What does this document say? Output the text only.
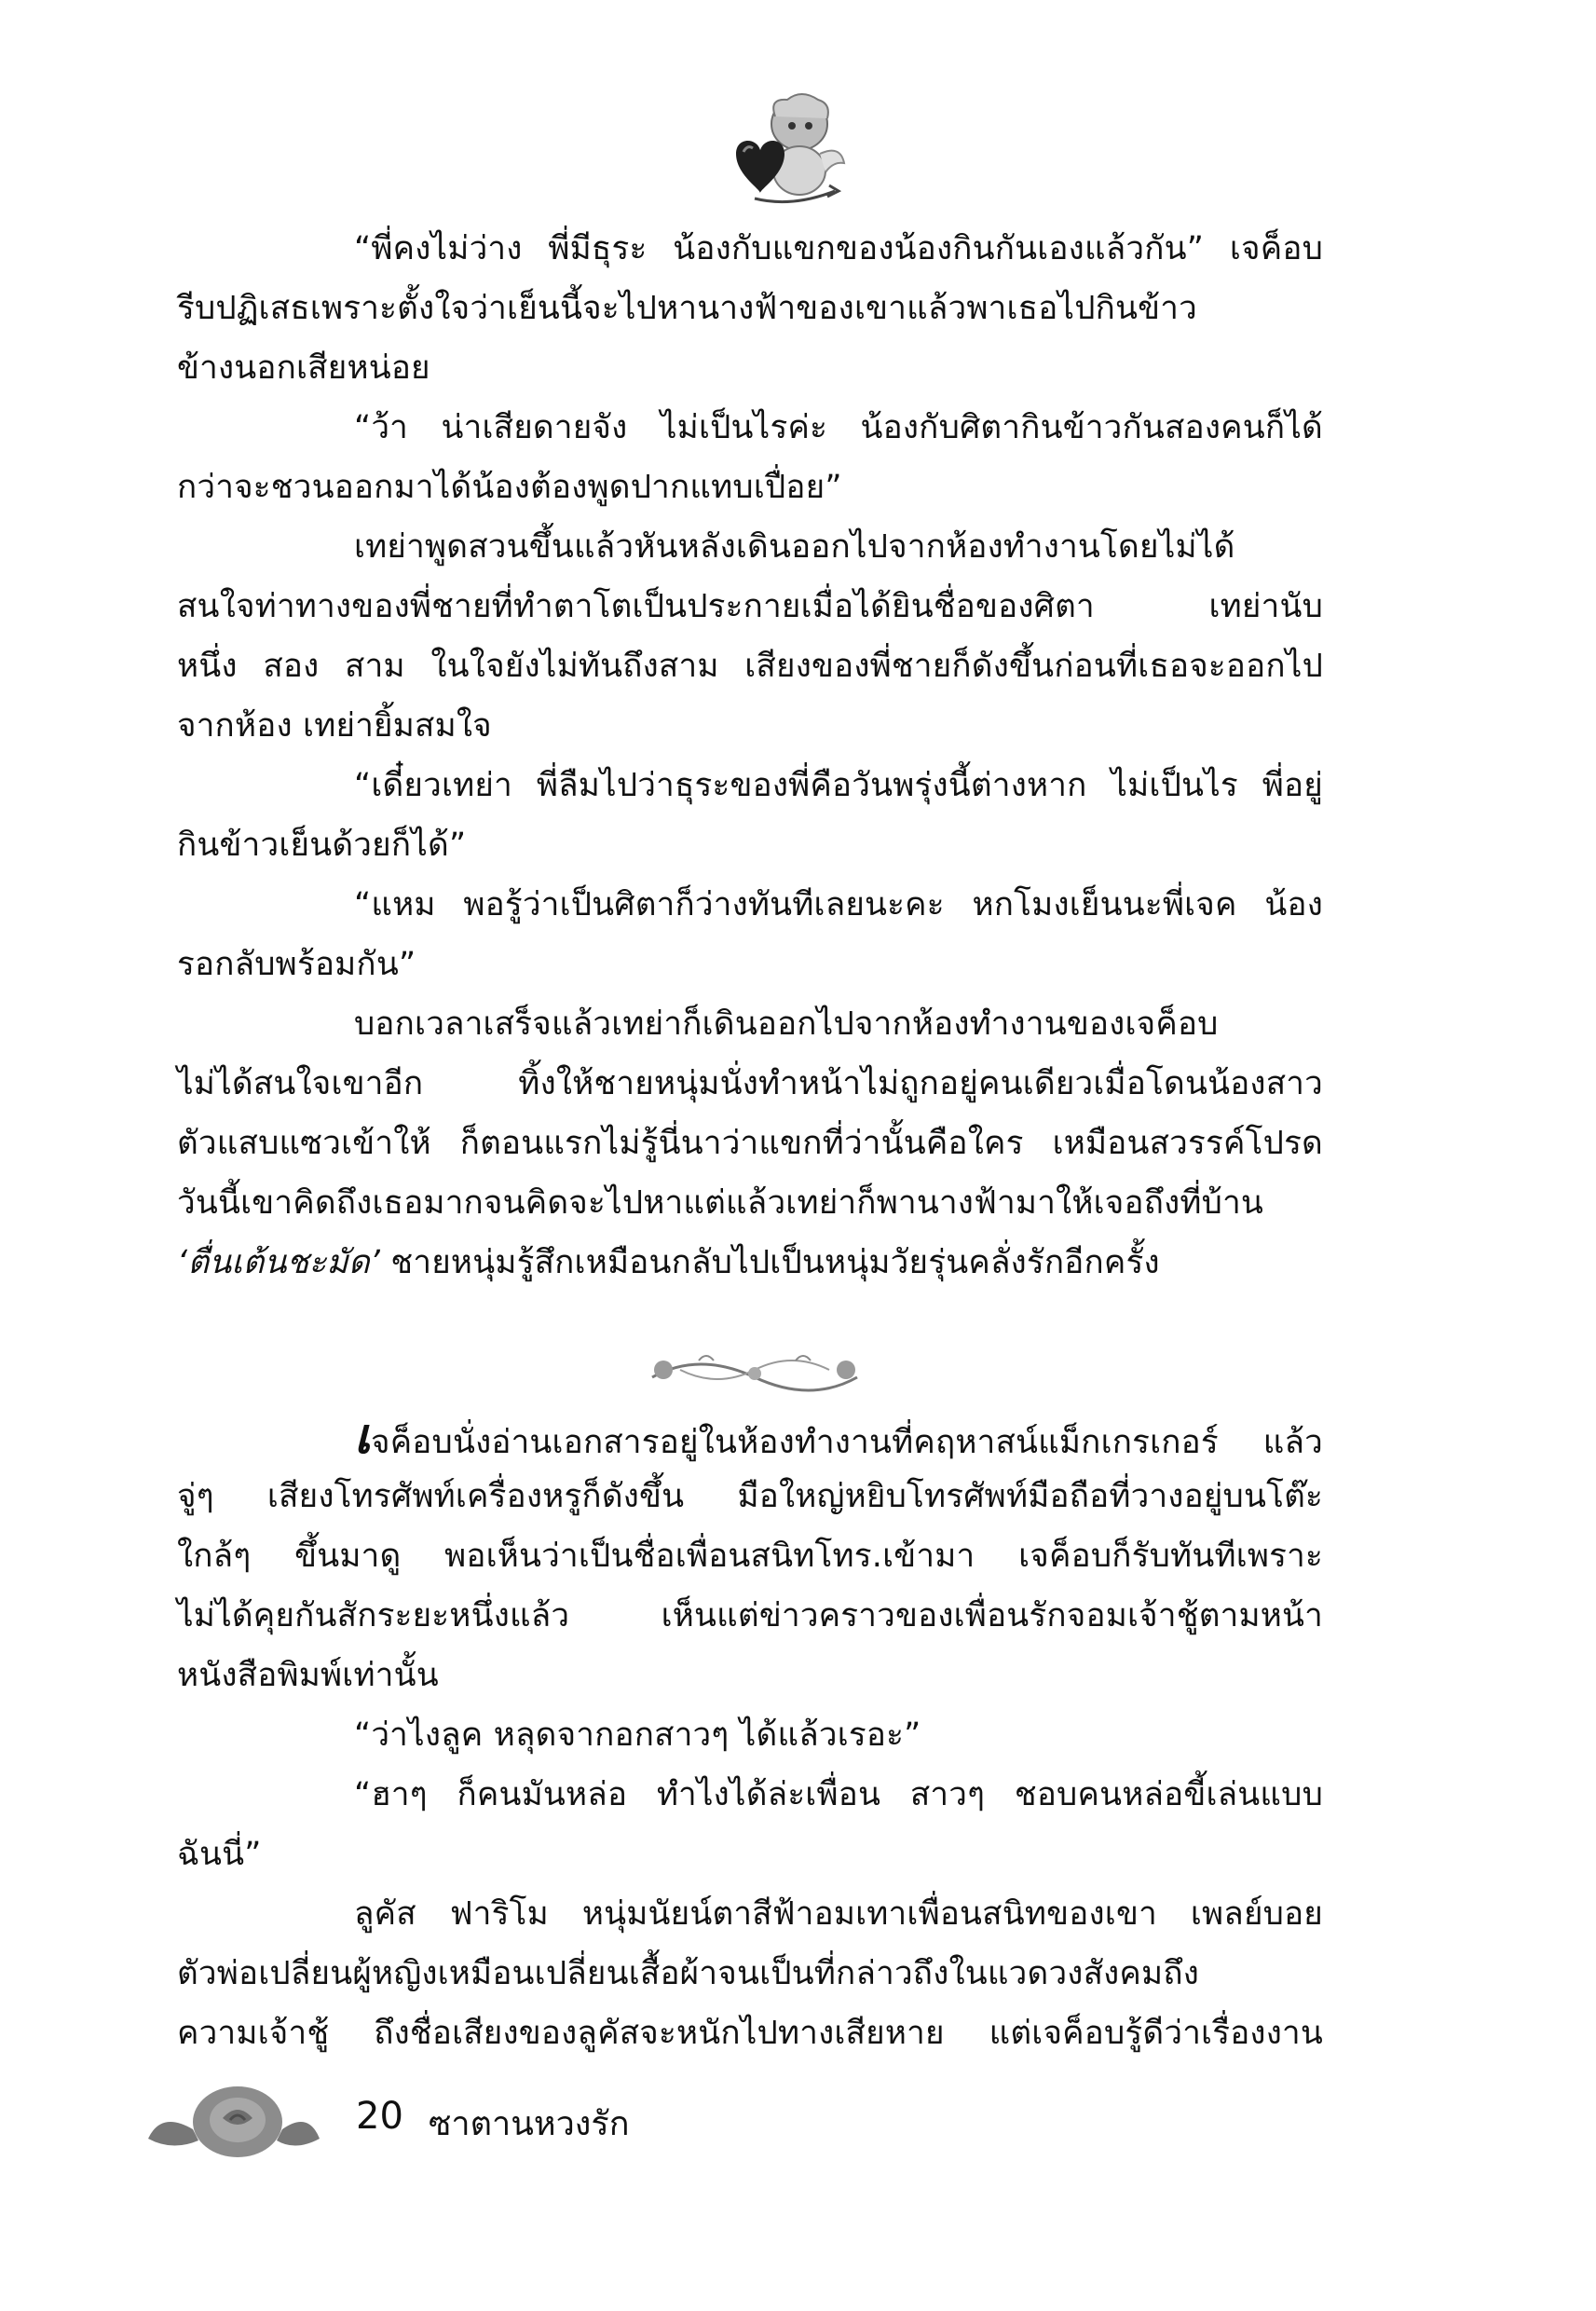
“พี่คงไม่ว่าง พี่มีธุระ น้องกับแขกของน้องกินกันเองแล้วกัน” เจค็อบ
รีบปฏิเสธเพราะตั้งใจว่าเย็นนี้จะไปหานางฟ้าของเขาแล้วพาเธอไปกินข้าว
ข้างนอกเสียหน่อย
“ว้า น่าเสียดายจัง ไม่เป็นไรค่ะ น้องกับศิตากินข้าวกันสองคนก็ได้
กว่าจะชวนออกมาได้น้องต้องพูดปากแทบเปื่อย”
เทย่าพูดสวนขึ้นแล้วหันหลังเดินออกไปจากห้องทำงานโดยไม่ได้
สนใจท่าทางของพี่ชายที่ทำตาโตเป็นประกายเมื่อได้ยินชื่อของศิตา เทย่านับ
หนึ่ง สอง สาม ในใจยังไม่ทันถึงสาม เสียงของพี่ชายก็ดังขึ้นก่อนที่เธอจะออกไป
จากห้อง เทย่ายิ้มสมใจ
“เดี๋ยวเทย่า พี่ลืมไปว่าธุระของพี่คือวันพรุ่งนี้ต่างหาก ไม่เป็นไร พี่อยู่
กินข้าวเย็นด้วยก็ได้”
“แหม พอรู้ว่าเป็นศิตาก็ว่างทันทีเลยนะคะ หกโมงเย็นนะพี่เจค น้อง
รอกลับพร้อมกัน”
บอกเวลาเสร็จแล้วเทย่าก็เดินออกไปจากห้องทำงานของเจค็อบ
ไม่ได้สนใจเขาอีก ทิ้งให้ชายหนุ่มนั่งทำหน้าไม่ถูกอยู่คนเดียวเมื่อโดนน้องสาว
ตัวแสบแซวเข้าให้ ก็ตอนแรกไม่รู้นี่นาว่าแขกที่ว่านั้นคือใคร เหมือนสวรรค์โปรด
วันนี้เขาคิดถึงเธอมากจนคิดจะไปหาแต่แล้วเทย่าก็พานางฟ้ามาให้เจอถึงที่บ้าน
‘ตื่นเต้นชะมัด’ ชายหนุ่มรู้สึกเหมือนกลับไปเป็นหนุ่มวัยรุ่นคลั่งรักอีกครั้ง
เจค็อบนั่งอ่านเอกสารอยู่ในห้องทำงานที่คฤหาสน์แม็กเกรเกอร์ แล้ว
จู่ๆ เสียงโทรศัพท์เครื่องหรูก็ดังขึ้น มือใหญ่หยิบโทรศัพท์มือถือที่วางอยู่บนโต๊ะ
ใกล้ๆ ขึ้นมาดู พอเห็นว่าเป็นชื่อเพื่อนสนิทโทร.เข้ามา เจค็อบก็รับทันทีเพราะ
ไม่ได้คุยกันสักระยะหนึ่งแล้ว เห็นแต่ข่าวคราวของเพื่อนรักจอมเจ้าชู้ตามหน้า
หนังสือพิมพ์เท่านั้น
“ว่าไงลูค หลุดจากอกสาวๆ ได้แล้วเรอะ”
“ฮาๆ ก็คนมันหล่อ ทำไงได้ล่ะเพื่อน สาวๆ ชอบคนหล่อขี้เล่นแบบ
ฉันนี่”
ลูคัส ฟาริโม หนุ่มนัยน์ตาสีฟ้าอมเทาเพื่อนสนิทของเขา เพลย์บอย
ตัวพ่อเปลี่ยนผู้หญิงเหมือนเปลี่ยนเสื้อผ้าจนเป็นที่กล่าวถึงในแวดวงสังคมถึง
ความเจ้าชู้ ถึงชื่อเสียงของลูคัสจะหนักไปทางเสียหาย แต่เจค็อบรู้ดีว่าเรื่องงาน
20 ซาตานหวงรัก
